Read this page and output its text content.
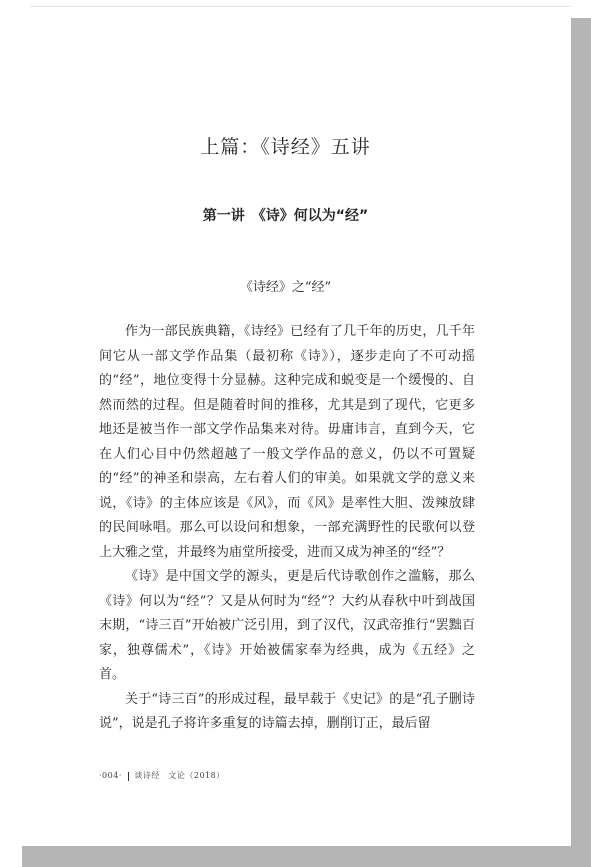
上篇：《诗经》五讲
第一讲　《诗》何以为“经”
《诗经》之“经”

作为一部民族典籍，《诗经》已经有了几千年的历史，几千年间它从一部文学作品集（最初称《诗》），逐步走向了不可动摇的“经”，地位变得十分显赫。这种完成和蜕变是一个缓慢的、自然而然的过程。但是随着时间的推移，尤其是到了现代，它更多地还是被当作一部文学作品集来对待。毋庸讳言，直到今天，它在人们心目中仍然超越了一般文学作品的意义，仍以不可置疑的“经”的神圣和崇高，左右着人们的审美。如果就文学的意义来说，《诗》的主体应该是《风》，而《风》是率性大胆、泼辣放肆的民间咏唱。那么可以设问和想象，一部充满野性的民歌何以登上大雅之堂，并最终为庙堂所接受，进而又成为神圣的“经”？

《诗》是中国文学的源头，更是后代诗歌创作之滥觞，那么《诗》何以为“经”？又是从何时为“经”？大约从春秋中叶到战国末期，“诗三百”开始被广泛引用，到了汉代，汉武帝推行“罢黜百家，独尊儒术”，《诗》开始被儒家奉为经典，成为《五经》之首。

关于“诗三百”的形成过程，最早载于《史记》的是“孔子删诗说”，说是孔子将许多重复的诗篇去掉，删削订正，最后留

·004· 谈诗经　文论（2018）
